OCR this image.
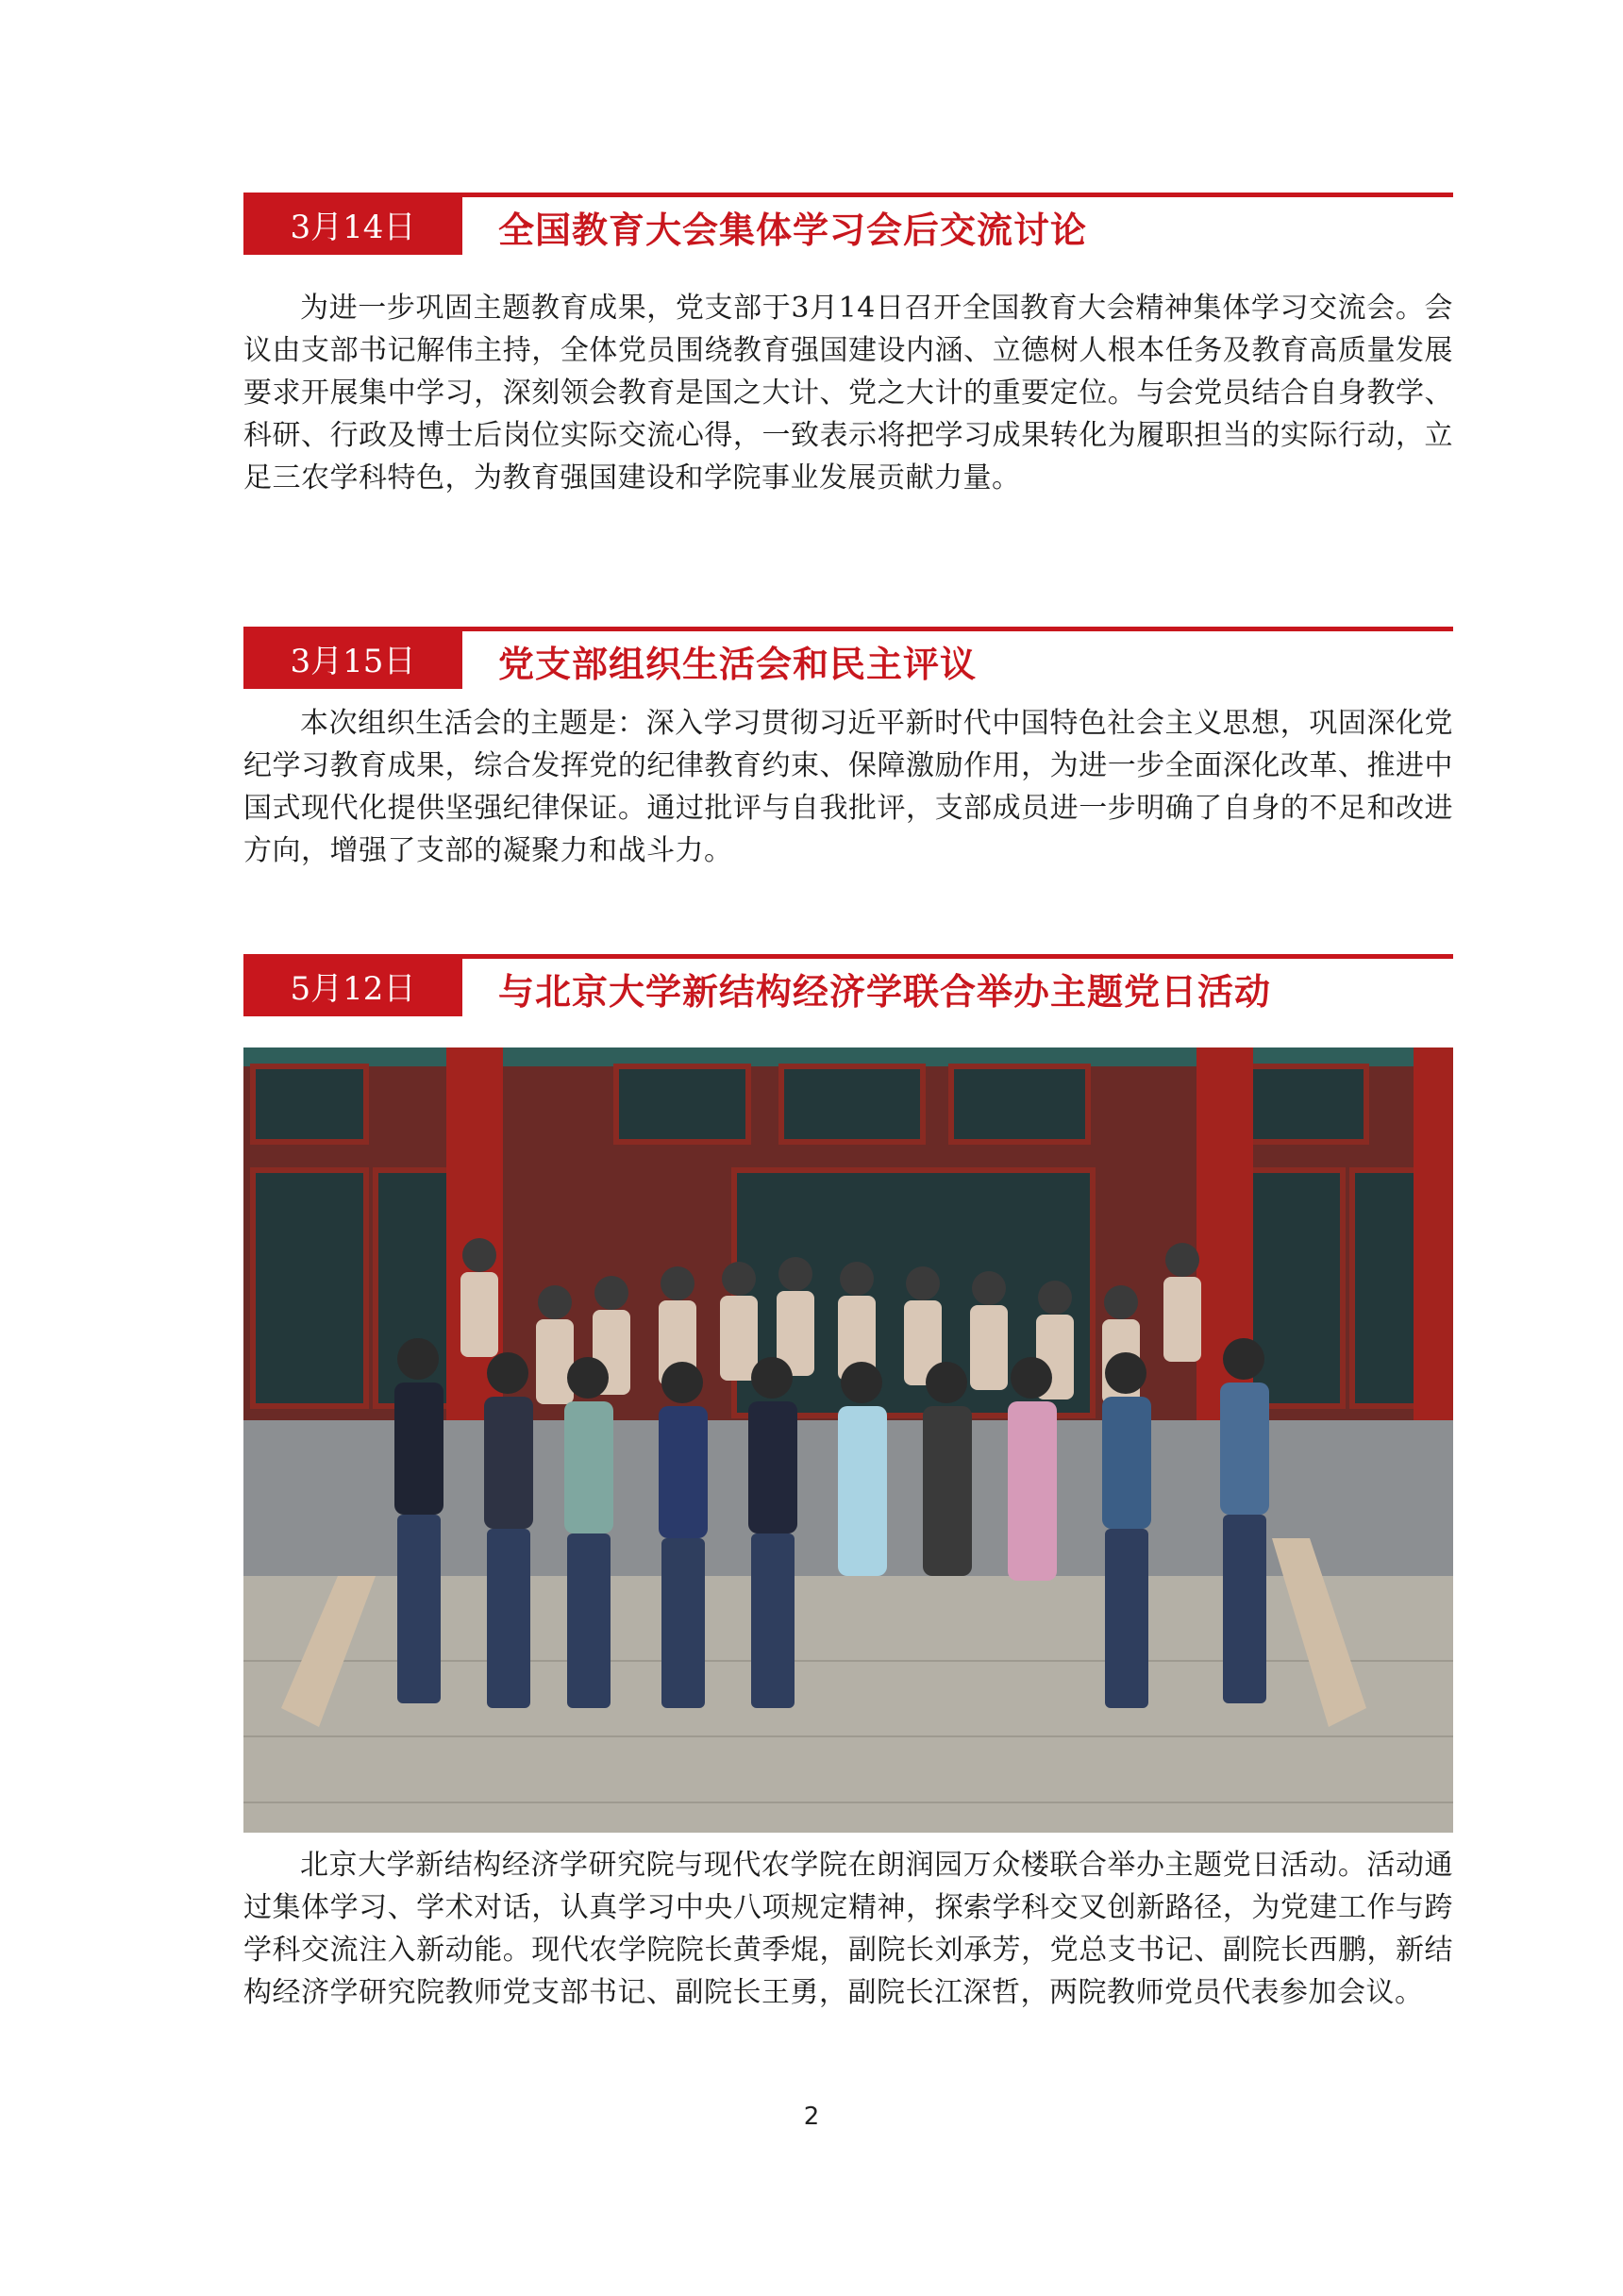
3月14日	全国教育大会集体学习会后交流讨论

为进一步巩固主题教育成果，党支部于3月14日召开全国教育大会精神集体学习交流会。会议由支部书记解伟主持，全体党员围绕教育强国建设内涵、立德树人根本任务及教育高质量发展要求开展集中学习，深刻领会教育是国之大计、党之大计的重要定位。与会党员结合自身教学、科研、行政及博士后岗位实际交流心得，一致表示将把学习成果转化为履职担当的实际行动，立足三农学科特色，为教育强国建设和学院事业发展贡献力量。

3月15日	党支部组织生活会和民主评议

本次组织生活会的主题是：深入学习贯彻习近平新时代中国特色社会主义思想，巩固深化党纪学习教育成果，综合发挥党的纪律教育约束、保障激励作用，为进一步全面深化改革、推进中国式现代化提供坚强纪律保证。通过批评与自我批评，支部成员进一步明确了自身的不足和改进方向，增强了支部的凝聚力和战斗力。

5月12日	与北京大学新结构经济学联合举办主题党日活动

北京大学新结构经济学研究院与现代农学院在朗润园万众楼联合举办主题党日活动。活动通过集体学习、学术对话，认真学习中央八项规定精神，探索学科交叉创新路径，为党建工作与跨学科交流注入新动能。现代农学院院长黄季焜，副院长刘承芳，党总支书记、副院长西鹏，新结构经济学研究院教师党支部书记、副院长王勇，副院长江深哲，两院教师党员代表参加会议。

2
